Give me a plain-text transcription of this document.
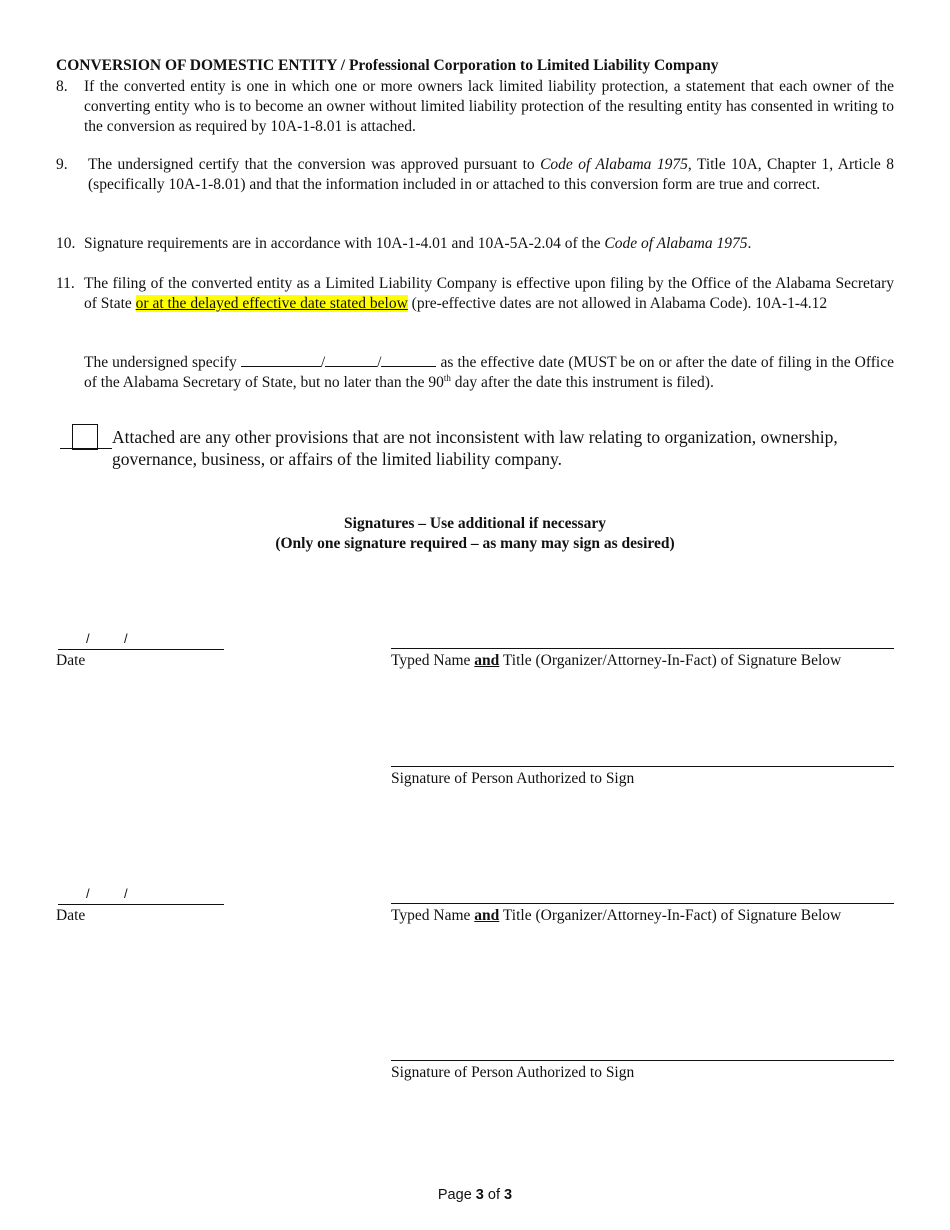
CONVERSION OF DOMESTIC ENTITY / Professional Corporation to Limited Liability Company
8. If the converted entity is one in which one or more owners lack limited liability protection, a statement that each owner of the converting entity who is to become an owner without limited liability protection of the resulting entity has consented in writing to the conversion as required by 10A-1-8.01 is attached.
9. The undersigned certify that the conversion was approved pursuant to Code of Alabama 1975, Title 10A, Chapter 1, Article 8 (specifically 10A-1-8.01) and that the information included in or attached to this conversion form are true and correct.
10. Signature requirements are in accordance with 10A-1-4.01 and 10A-5A-2.04 of the Code of Alabama 1975.
11. The filing of the converted entity as a Limited Liability Company is effective upon filing by the Office of the Alabama Secretary of State or at the delayed effective date stated below (pre-effective dates are not allowed in Alabama Code). 10A-1-4.12
The undersigned specify	/	/	as the effective date (MUST be on or after the date of filing in the Office of the Alabama Secretary of State, but no later than the 90th day after the date this instrument is filed).
Attached are any other provisions that are not inconsistent with law relating to organization, ownership, governance, business, or affairs of the limited liability company.
Signatures – Use additional if necessary
(Only one signature required – as many may sign as desired)
/	/
Date	Typed Name and Title (Organizer/Attorney-In-Fact) of Signature Below
Signature of Person Authorized to Sign
/	/
Date	Typed Name and Title (Organizer/Attorney-In-Fact) of Signature Below
Signature of Person Authorized to Sign
Page 3 of 3
